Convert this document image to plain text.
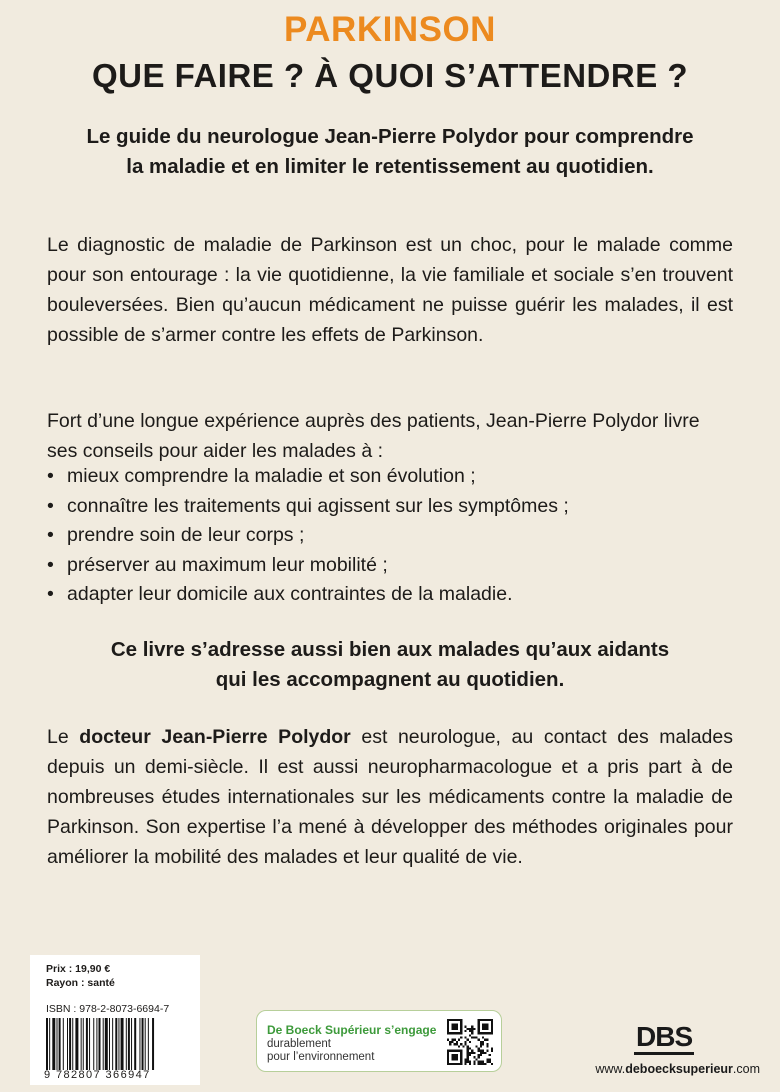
PARKINSON
QUE FAIRE ? À QUOI S’ATTENDRE ?
Le guide du neurologue Jean-Pierre Polydor pour comprendre
la maladie et en limiter le retentissement au quotidien.

Le diagnostic de maladie de Parkinson est un choc, pour le malade comme pour son entourage : la vie quotidienne, la vie familiale et sociale s’en trouvent bouleversées. Bien qu’aucun médicament ne puisse guérir les malades, il est possible de s’armer contre les effets de Parkinson.

Fort d’une longue expérience auprès des patients, Jean-Pierre Polydor livre ses conseils pour aider les malades à :

• mieux comprendre la maladie et son évolution ;
• connaître les traitements qui agissent sur les symptômes ;
• prendre soin de leur corps ;
• préserver au maximum leur mobilité ;
• adapter leur domicile aux contraintes de la maladie.
Ce livre s’adresse aussi bien aux malades qu’aux aidants
qui les accompagnent au quotidien.

Le docteur Jean-Pierre Polydor est neurologue, au contact des malades depuis un demi-siècle. Il est aussi neuropharmacologue et a pris part à de nombreuses études internationales sur les médicaments contre la maladie de Parkinson. Son expertise l’a mené à développer des méthodes originales pour améliorer la mobilité des malades et leur qualité de vie.

Prix : 19,90 €
Rayon : santé
ISBN : 978-2-8073-6694-7
9 782807 366947
De Boeck Supérieur s’engage
durablement
pour l’environnement
DBS
www.deboecksuperieur.com
